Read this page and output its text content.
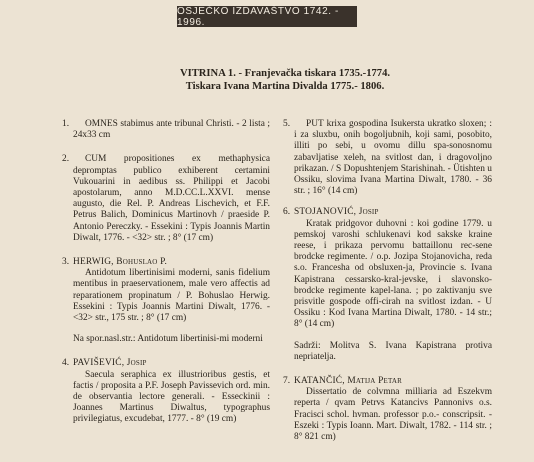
OSJEČKO IZDAVAŠTVO 1742. - 1996.
VITRINA 1. - Franjevačka tiskara 1735.-1774.
Tiskara Ivana Martina Divalda 1775.- 1806.
1.	OMNES stabimus ante tribunal Christi. - 2 lista ; 24x33 cm
2.	CUM propositiones ex methaphysica depromptas publico exhiberent certamini Vukouarini in aedibus ss. Philippi et Jacobi apostolarum, anno M.D.CC.L.XXVI. mense augusto, die Rel. P. Andreas Lischevich, et F.F. Petrus Balich, Dominicus Martinovh / praeside P. Antonio Pereczky. - Essekini : Typis Joannis Martin Diwalt, 1776. - <32> str. ; 8° (17 cm)
3. HERWIG, Bohuslao P.
Antidotum libertinisimi moderni, sanis fidelium mentibus in praeservationem, male vero affectis ad reparationem propinatum / P. Bohuslao Herwig. Essekini : Typis Joannis Martini Diwalt, 1776. - <32> str., 175 str. ; 8° (17 cm)
Na spor.nasl.str.: Antidotum libertinisi-mi moderni
4. PAVIŠEVIĆ, Josip
Saecula seraphica ex illustrioribus gestis, et factis / proposita a P.F. Joseph Pavissevich ord. min. de observantia lectore generali. - Esseckinii : Joannes Martinus Diwaltus, typographus privilegiatus, excudebat, 1777. - 8° (19 cm)
5.	PUT krixa gospodina Isukersta ukratko sloxen; : i za sluxbu, onih bogoljubnih, koji sami, posobito, illiti po sebi, u ovomu dillu spa-sonosnomu zabavljatise xeleh, na svitlost dan, i dragovoljno prikazan. / S Dopushtenjem Starishinah. - Ütishten u Ossiku, slovima Ivana Martina Diwalt, 1780. - 36 str. ; 16° (14 cm)
6. STOJANOVIĆ, Josip
Kratak pridgovor duhovni : koi godine 1779. u pemskoj varoshi schlukenavi kod sakske kraine reese, i prikaza pervomu battaillonu rec-sene brodcke regimente. / o.p. Jozipa Stojanovicha, reda s.o. Francesha od obsluxen-ja, Provincie s. Ivana Kapistrana cessarsko-kral-jevske, i slavonsko-brodcke regimente kapel-lana. ; po zaktivanju sve prisvitle gospode offi-cirah na svitlost izdan. - U Ossiku : Kod Ivana Martina Diwalt, 1780. - 14 str.; 8° (14 cm)
Sadrži: Molitva S. Ivana Kapistrana protiva nepriatelja.
7. KATANČIĆ, Matija Petar
Dissertatio de colvmna milliaria ad Eszekvm reperta / qvam Petrvs Katancivs Pannonivs o.s. Fracisci schol. hvman. professor p.o.- conscripsit. - Eszeki : Typis Ioann. Mart. Diwalt, 1782. - 114 str. ; 8° 821 cm)
